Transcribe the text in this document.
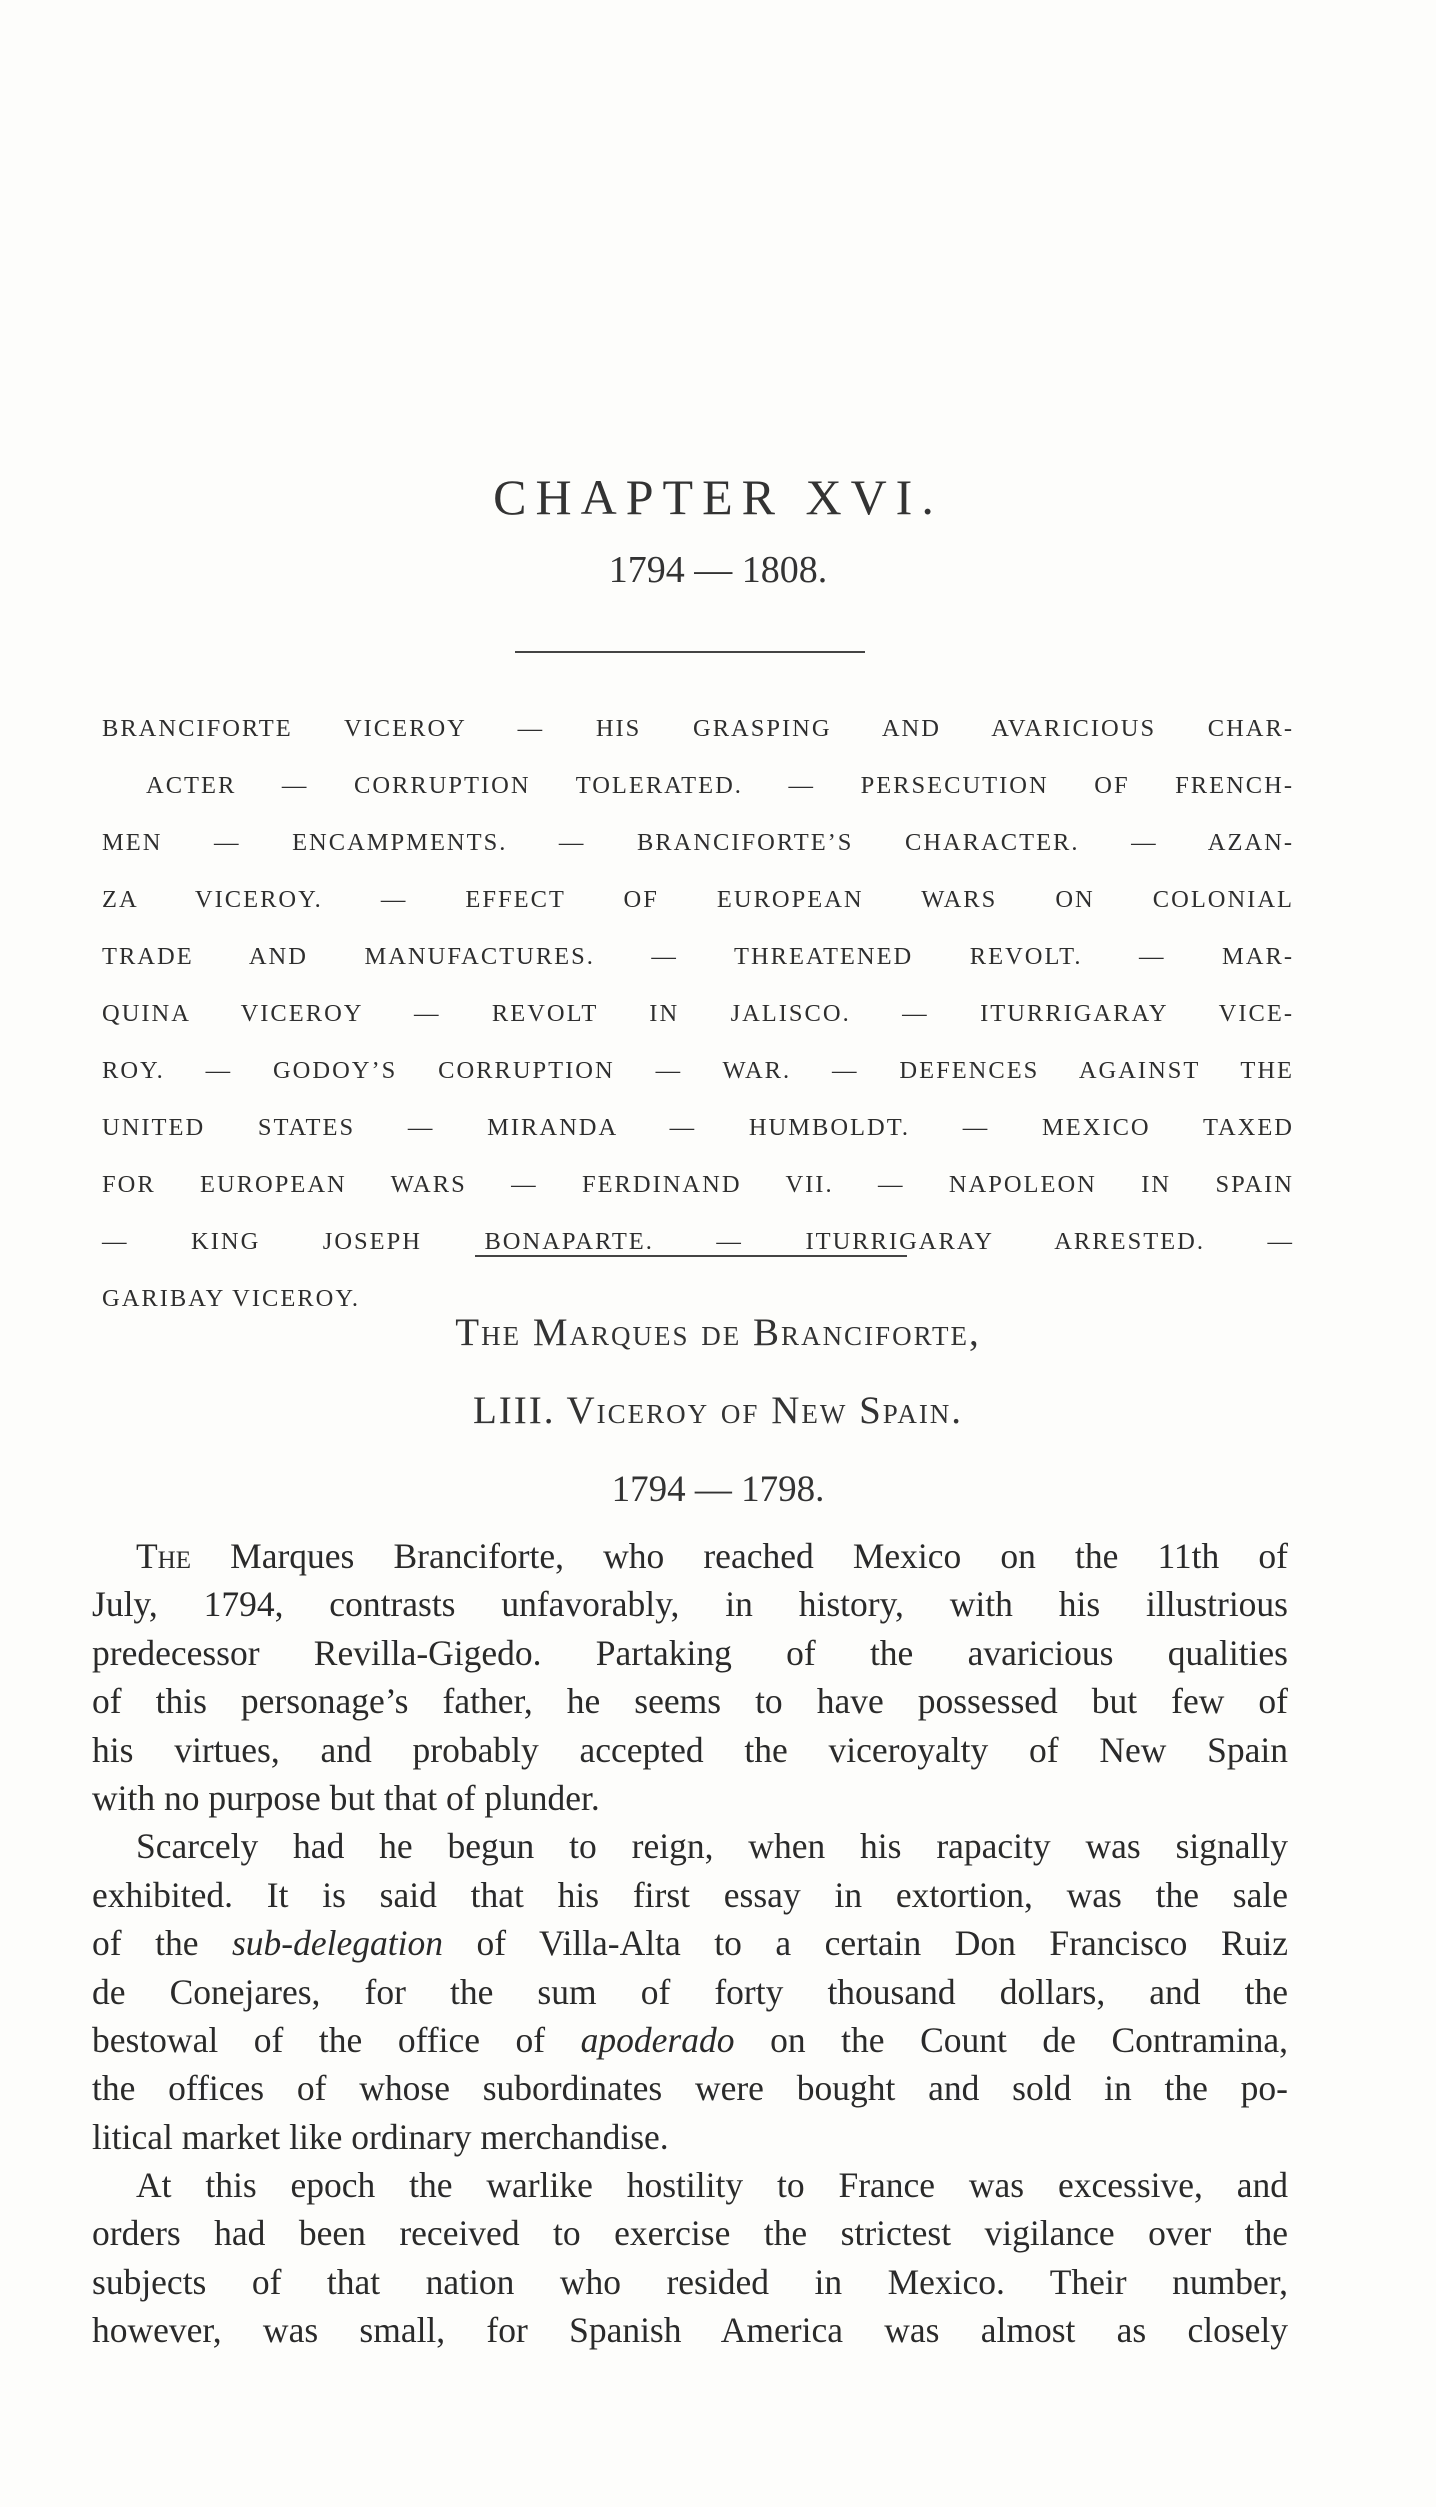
CHAPTER XVI.
1794 — 1808.
BRANCIFORTE VICEROY — HIS GRASPING AND AVARICIOUS CHAR-
ACTER — CORRUPTION TOLERATED. — PERSECUTION OF FRENCH-
MEN — ENCAMPMENTS. — BRANCIFORTE’S CHARACTER. — AZAN-
ZA VICEROY. — EFFECT OF EUROPEAN WARS ON COLONIAL
TRADE AND MANUFACTURES. — THREATENED REVOLT. — MAR-
QUINA VICEROY — REVOLT IN JALISCO. — ITURRIGARAY VICE-
ROY. — GODOY’S CORRUPTION — WAR. — DEFENCES AGAINST THE
UNITED STATES — MIRANDA — HUMBOLDT. — MEXICO TAXED
FOR EUROPEAN WARS — FERDINAND VII. — NAPOLEON IN SPAIN
— KING JOSEPH BONAPARTE. — ITURRIGARAY ARRESTED. —
GARIBAY VICEROY.
The Marques de Branciforte,
LIII. Viceroy of New Spain.
1794 — 1798.
The Marques Branciforte, who reached Mexico on the 11th of
July, 1794, contrasts unfavorably, in history, with his illustrious
predecessor Revilla-Gigedo. Partaking of the avaricious qualities
of this personage’s father, he seems to have possessed but few of
his virtues, and probably accepted the viceroyalty of New Spain
with no purpose but that of plunder.
Scarcely had he begun to reign, when his rapacity was signally
exhibited. It is said that his first essay in extortion, was the sale
of the sub-delegation of Villa-Alta to a certain Don Francisco Ruiz
de Conejares, for the sum of forty thousand dollars, and the
bestowal of the office of apoderado on the Count de Contramina,
the offices of whose subordinates were bought and sold in the po-
litical market like ordinary merchandise.
At this epoch the warlike hostility to France was excessive, and
orders had been received to exercise the strictest vigilance over the
subjects of that nation who resided in Mexico. Their number,
however, was small, for Spanish America was almost as closely
